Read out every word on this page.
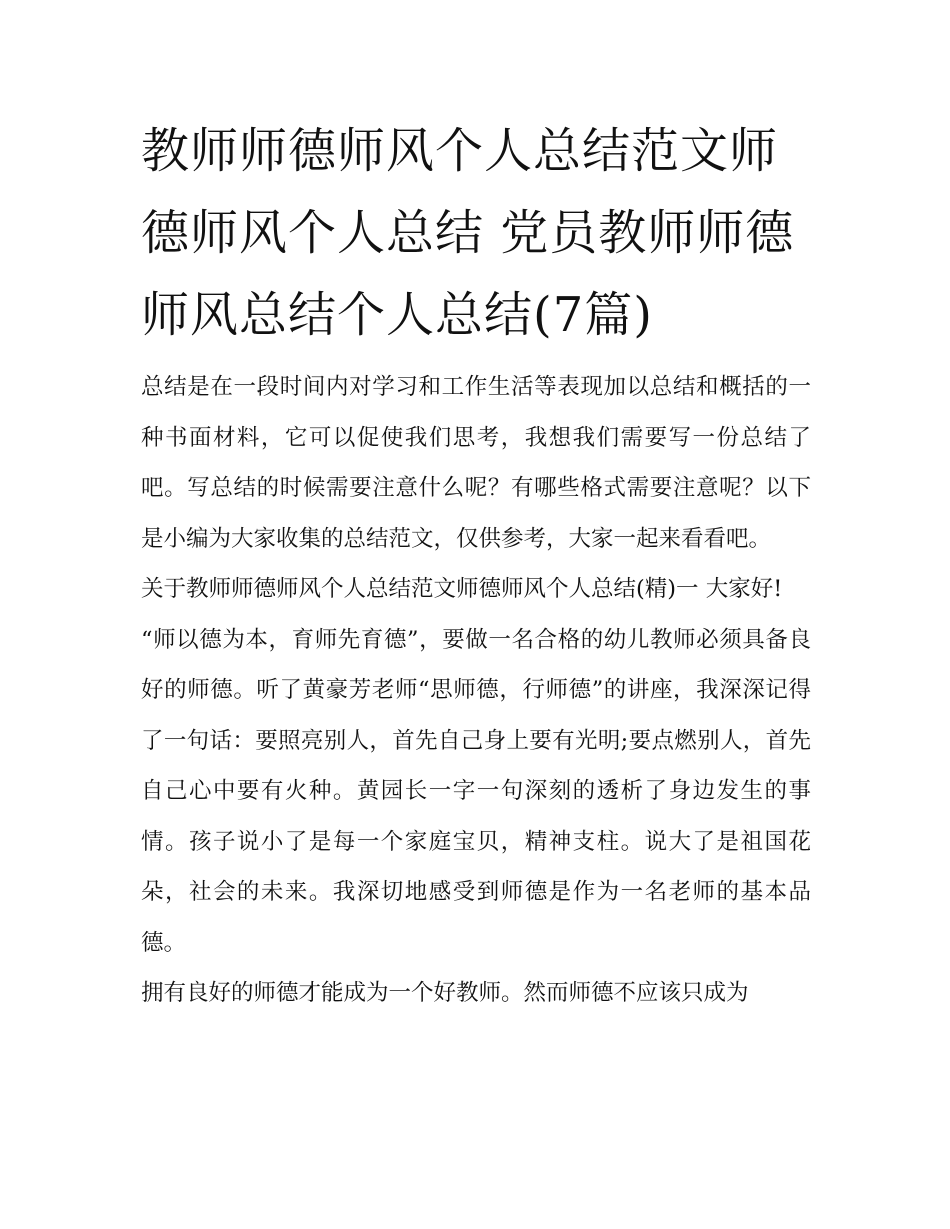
教师师德师风个人总结范文师德师风个人总结 党员教师师德师风总结个人总结(7篇)

总结是在一段时间内对学习和工作生活等表现加以总结和概括的一种书面材料，它可以促使我们思考，我想我们需要写一份总结了吧。写总结的时候需要注意什么呢？有哪些格式需要注意呢？以下是小编为大家收集的总结范文，仅供参考，大家一起来看看吧。

关于教师师德师风个人总结范文师德师风个人总结(精)一 大家好!

“师以德为本，育师先育德”，要做一名合格的幼儿教师必须具备良好的师德。听了黄豪芳老师“思师德，行师德”的讲座，我深深记得了一句话：要照亮别人，首先自己身上要有光明;要点燃别人，首先自己心中要有火种。黄园长一字一句深刻的透析了身边发生的事情。孩子说小了是每一个家庭宝贝，精神支柱。说大了是祖国花朵，社会的未来。我深切地感受到师德是作为一名老师的基本品德。

拥有良好的师德才能成为一个好教师。然而师德不应该只成为
